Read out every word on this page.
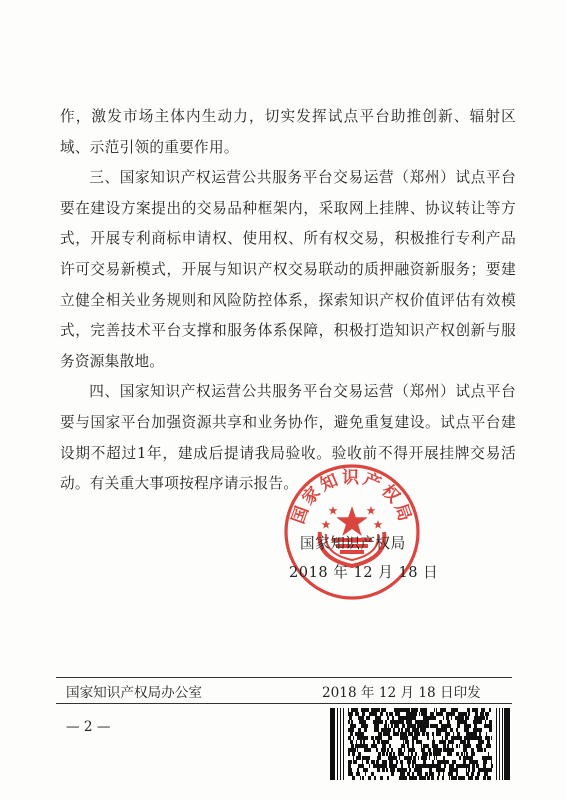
作，激发市场主体内生动力，切实发挥试点平台助推创新、辐射区域、示范引领的重要作用。

三、国家知识产权运营公共服务平台交易运营（郑州）试点平台要在建设方案提出的交易品种框架内，采取网上挂牌、协议转让等方式，开展专利商标申请权、使用权、所有权交易，积极推行专利产品许可交易新模式，开展与知识产权交易联动的质押融资新服务；要建立健全相关业务规则和风险防控体系，探索知识产权价值评估有效模式，完善技术平台支撑和服务体系保障，积极打造知识产权创新与服务资源集散地。

四、国家知识产权运营公共服务平台交易运营（郑州）试点平台要与国家平台加强资源共享和业务协作，避免重复建设。试点平台建设期不超过1年，建成后提请我局验收。验收前不得开展挂牌交易活动。有关重大事项按程序请示报告。

国家知识产权局
国家知识产权局
2018 年 12 月 18 日
国家知识产权局办公室	2018 年 12 月 18 日印发
— 2 —
